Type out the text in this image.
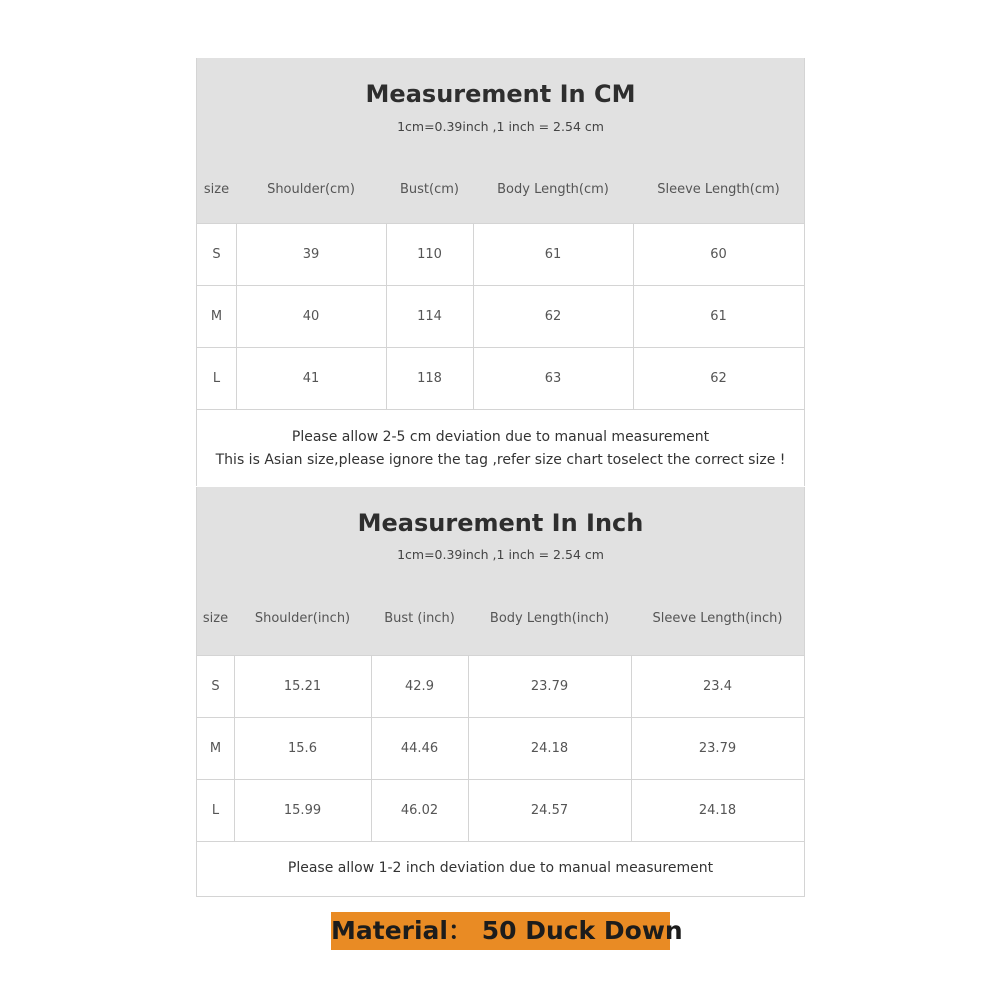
Measurement In CM
1cm=0.39inch ,1 inch = 2.54 cm
size	Shoulder(cm)	Bust(cm)	Body Length(cm)	Sleeve Length(cm)
S	39	110	61	60
M	40	114	62	61
L	41	118	63	62
Please allow 2-5 cm deviation due to manual measurement
This is Asian size,please ignore the tag ,refer size chart toselect the correct size !
Measurement In Inch
1cm=0.39inch ,1 inch = 2.54 cm
size	Shoulder(inch)	Bust (inch)	Body Length(inch)	Sleeve Length(inch)
S	15.21	42.9	23.79	23.4
M	15.6	44.46	24.18	23.79
L	15.99	46.02	24.57	24.18
Please allow 1-2 inch deviation due to manual measurement
Material： 50 Duck Down
